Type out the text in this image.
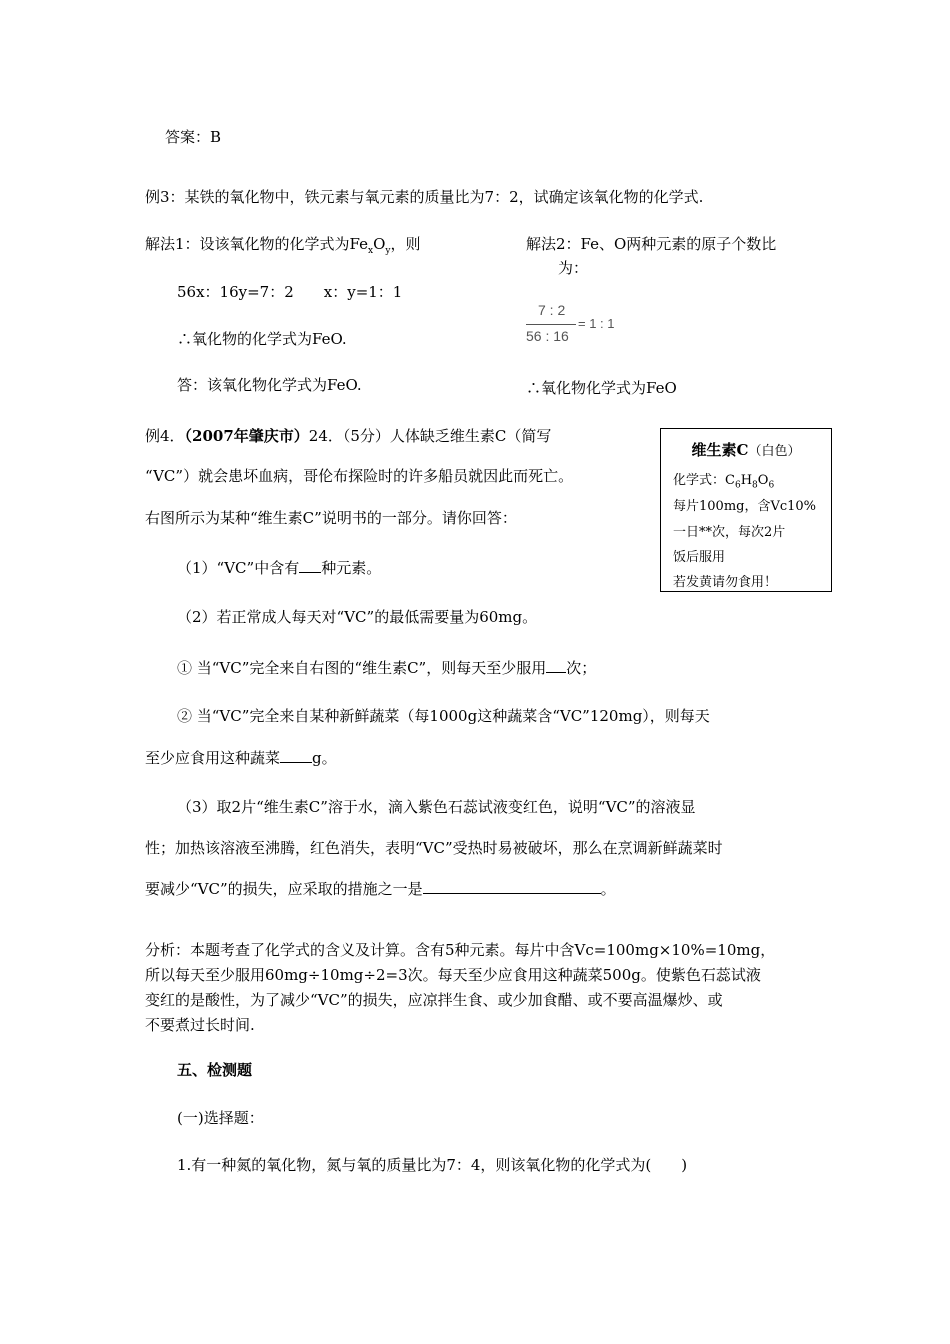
答案：B
例3：某铁的氧化物中，铁元素与氧元素的质量比为7：2，试确定该氧化物的化学式.
解法1：设该氧化物的化学式为$Fe_xO_y$，则
56x：16y=7：2　　x：y=1：1
∴氧化物的化学式为FeO.
答：该氧化物化学式为FeO.
解法2：Fe、O两种元素的原子个数比
为：
7 : 2
56 : 16
= 1 : 1
∴氧化物化学式为FeO
例4．（2007年肇庆市）24．（5分）人体缺乏维生素C（简写
“VC”）就会患坏血病，哥伦布探险时的许多船员就因此而死亡。
右图所示为某种“维生素C”说明书的一部分。请你回答：
维生素C（白色）
化学式：$C_6H_8O_6$
每片100mg，含Vc10%
一日**次，每次2片
饭后服用
若发黄请勿食用！
（1）“VC”中含有 种元素。
（2）若正常成人每天对“VC”的最低需要量为60mg。
① 当“VC”完全来自右图的“维生素C”，则每天至少服用 次；
② 当“VC”完全来自某种新鲜蔬菜（每1000g这种蔬菜含“VC”120mg），则每天
至少应食用这种蔬菜 g。
（3）取2片“维生素C”溶于水，滴入紫色石蕊试液变红色，说明“VC”的溶液显
性；加热该溶液至沸腾，红色消失，表明“VC”受热时易被破坏，那么在烹调新鲜蔬菜时
要减少“VC”的损失，应采取的措施之一是	。
分析：本题考查了化学式的含义及计算。含有5种元素。每片中含Vc=100mg×10%=10mg，
所以每天至少服用60mg÷10mg÷2=3次。每天至少应食用这种蔬菜500g。使紫色石蕊试液
变红的是酸性，为了减少“VC”的损失，应凉拌生食、或少加食醋、或不要高温爆炒、或
不要煮过长时间.
五、检测题
(一)选择题：
1.有一种氮的氧化物，氮与氧的质量比为7：4，则该氧化物的化学式为(　　)
